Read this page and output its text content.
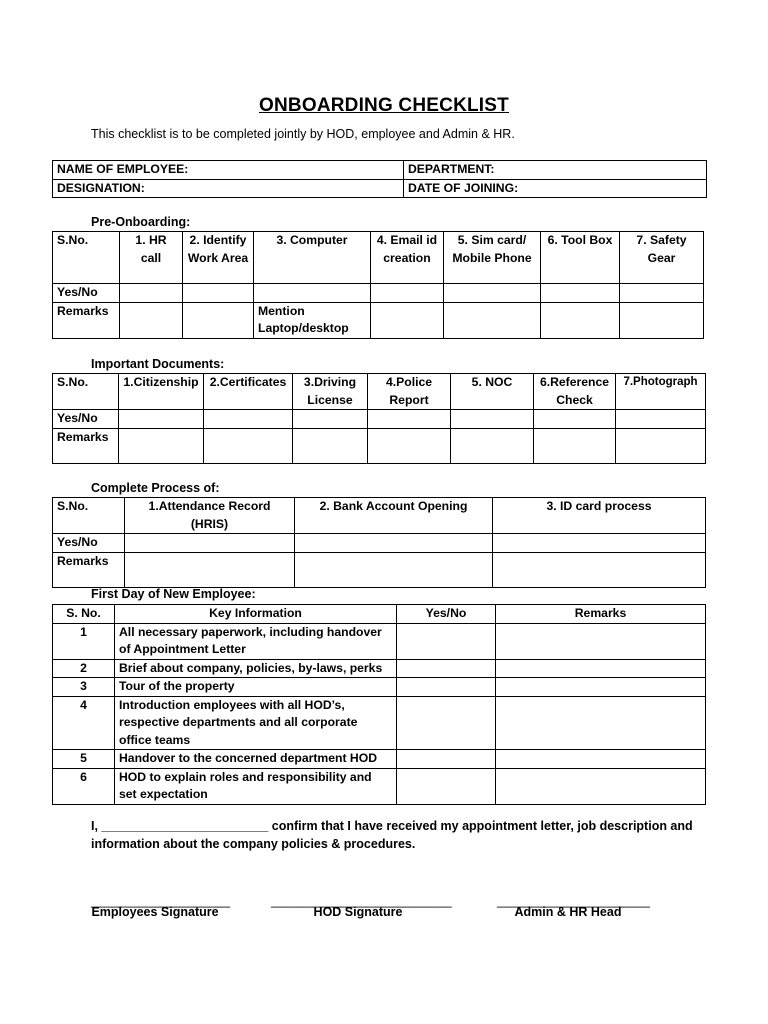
ONBOARDING CHECKLIST
This checklist is to be completed jointly by HOD, employee and Admin & HR.
NAME OF EMPLOYEE:	DEPARTMENT:
DESIGNATION:	DATE OF JOINING:
Pre-Onboarding:
S.No.	1. HR call	2. Identify Work Area	3. Computer	4. Email id creation	5. Sim card/ Mobile Phone	6. Tool Box	7. Safety Gear
Yes/No							
Remarks			Mention Laptop/desktop				
Important Documents:
S.No.	1.Citizenship	2.Certificates	3.Driving License	4.Police Report	5. NOC	6.Reference Check	7.Photograph
Yes/No							
Remarks							
Complete Process of:
S.No.	1.Attendance Record (HRIS)	2. Bank Account Opening	3. ID card process
Yes/No			
Remarks			
First Day of New Employee:
S. No.	Key Information	Yes/No	Remarks
1	All necessary paperwork, including handover of Appointment Letter		
2	Brief about company, policies, by-laws, perks		
3	Tour of the property		
4	Introduction employees with all HOD’s, respective departments and all corporate office teams		
5	Handover to the concerned department HOD		
6	HOD to explain roles and responsibility and set expectation		
I, ________________________ confirm that I have received my appointment letter, job description and information about the company policies & procedures.
____________________
Employees Signature
__________________________
HOD Signature
______________________
Admin & HR Head
